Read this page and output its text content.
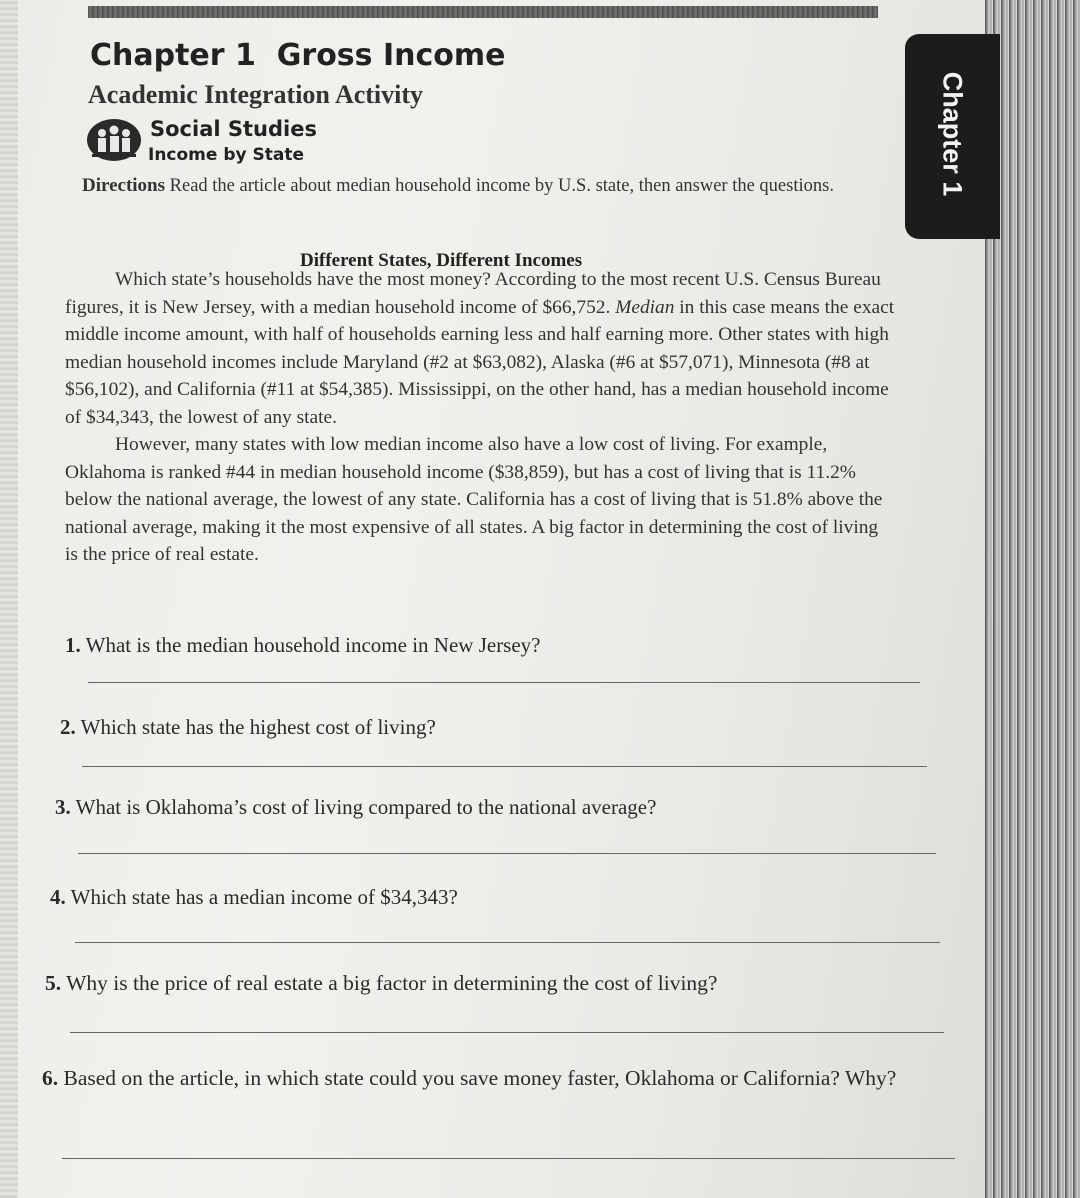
Chapter 1
Chapter 1  Gross Income
Academic Integration Activity
Social Studies
Income by State
Directions Read the article about median household income by U.S. state, then answer the questions.
Different States, Different Incomes

Which state’s households have the most money? According to the most recent U.S. Census Bureau figures, it is New Jersey, with a median household income of $66,752. Median in this case means the exact middle income amount, with half of households earning less and half earning more. Other states with high median household incomes include Maryland (#2 at $63,082), Alaska (#6 at $57,071), Minnesota (#8 at $56,102), and California (#11 at $54,385). Mississippi, on the other hand, has a median household income of $34,343, the lowest of any state.

However, many states with low median income also have a low cost of living. For example, Oklahoma is ranked #44 in median household income ($38,859), but has a cost of living that is 11.2% below the national average, the lowest of any state. California has a cost of living that is 51.8% above the national average, making it the most expensive of all states. A big factor in determining the cost of living is the price of real estate.

1. What is the median household income in New Jersey?
2. Which state has the highest cost of living?
3. What is Oklahoma’s cost of living compared to the national average?
4. Which state has a median income of $34,343?
5. Why is the price of real estate a big factor in determining the cost of living?
6. Based on the article, in which state could you save money faster, Oklahoma or California? Why?
